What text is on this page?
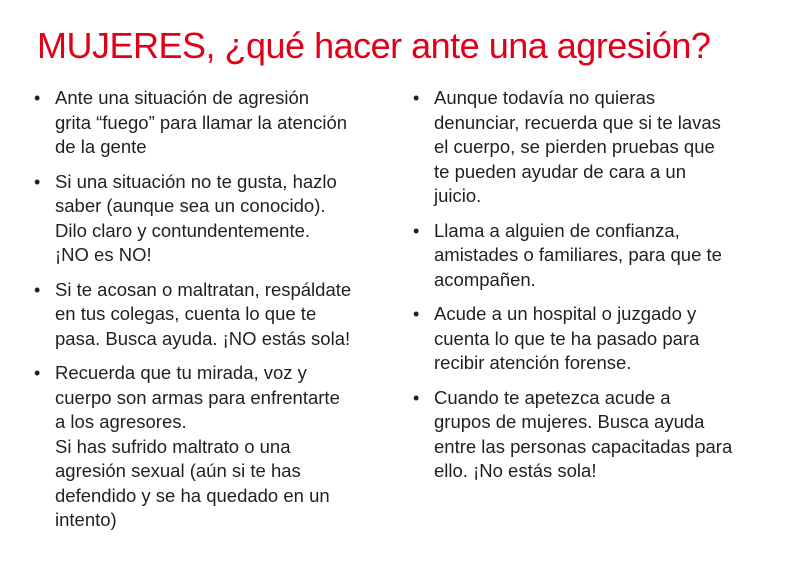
MUJERES, ¿qué hacer ante una agresión?
• Ante una situación de agresión
grita “fuego” para llamar la atención
de la gente
• Si una situación no te gusta, hazlo
saber (aunque sea un conocido).
Dilo claro y contundentemente.
¡NO es NO!
• Si te acosan o maltratan, respáldate
en tus colegas, cuenta lo que te
pasa. Busca ayuda. ¡NO estás sola!
• Recuerda que tu mirada, voz y
cuerpo son armas para enfrentarte
a los agresores.
Si has sufrido maltrato o una
agresión sexual (aún si te has
defendido y se ha quedado en un
intento)
• Aunque todavía no quieras
denunciar, recuerda que si te lavas
el cuerpo, se pierden pruebas que
te pueden ayudar de cara a un
juicio.
• Llama a alguien de confianza,
amistades o familiares, para que te
acompañen.
• Acude a un hospital o juzgado y
cuenta lo que te ha pasado para
recibir atención forense.
• Cuando te apetezca acude a
grupos de mujeres. Busca ayuda
entre las personas capacitadas para
ello. ¡No estás sola!
